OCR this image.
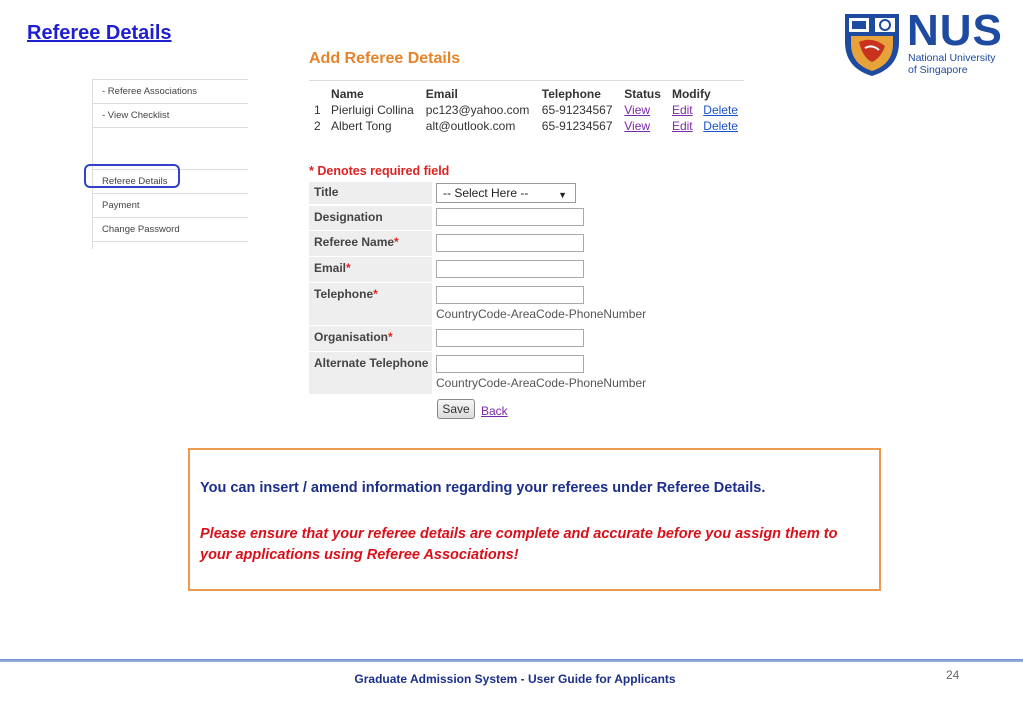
Referee Details	NUS
National University
of Singapore
- Referee Associations
- View Checklist
Referee Details
Payment
Change Password
Add Referee Details
	Name	Email	Telephone	Status	Modify	
1	Pierluigi Collina	pc123@yahoo.com	65-91234567	View	Edit	Delete
2	Albert Tong	alt@outlook.com	65-91234567	View	Edit	Delete
* Denotes required field
Title	-- Select Here --	▼
Designation
Referee Name*
Email*
Telephone*
CountryCode-AreaCode-PhoneNumber
Organisation*
Alternate Telephone
CountryCode-AreaCode-PhoneNumber
Save Back
You can insert / amend information regarding your referees under Referee Details.
Please ensure that your referee details are complete and accurate before you assign them to your applications using Referee Associations!
Graduate Admission System - User Guide for Applicants	24
